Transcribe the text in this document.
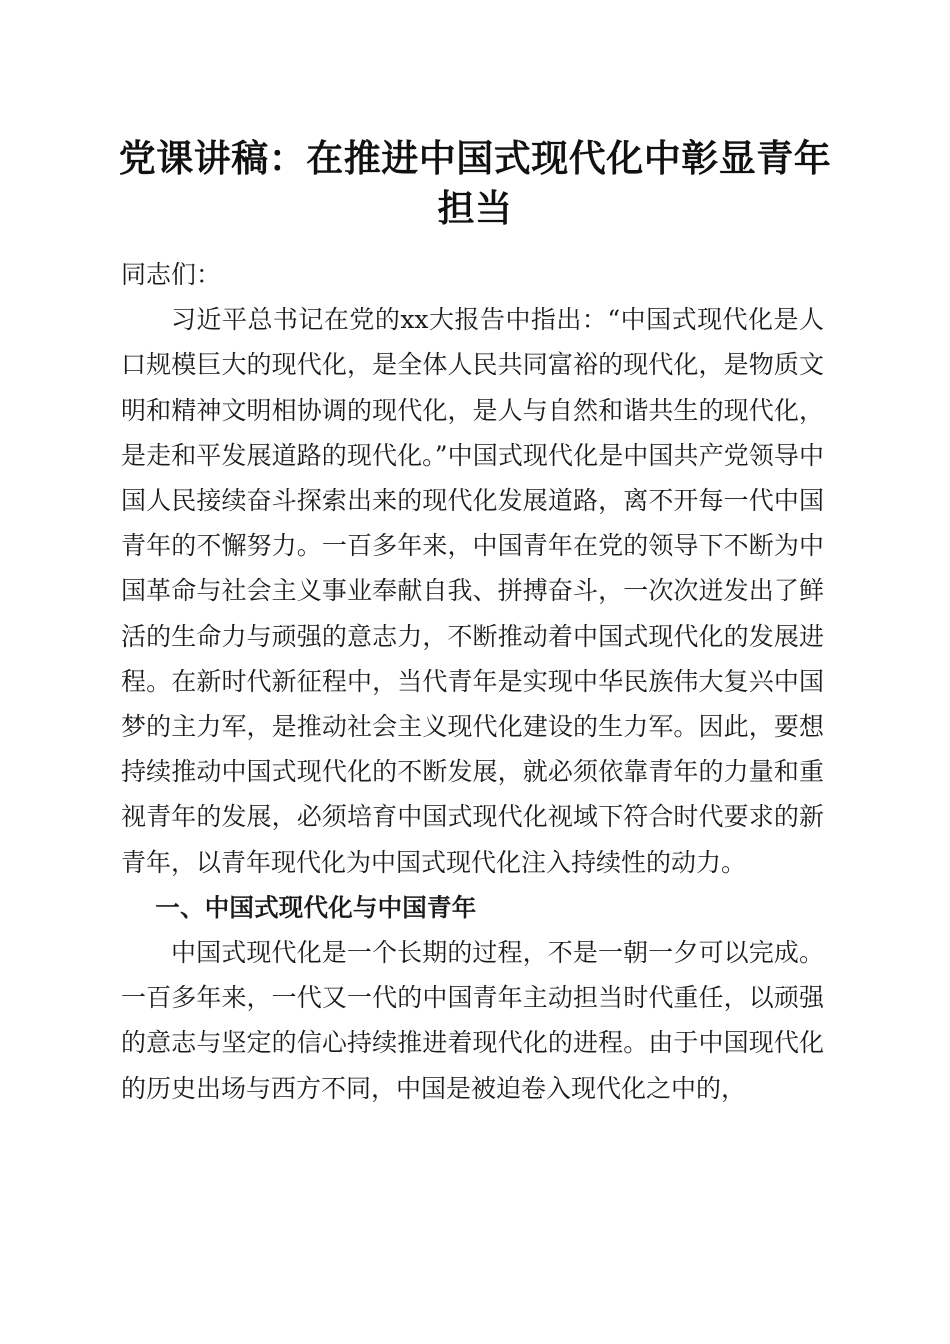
党课讲稿：在推进中国式现代化中彰显青年担当

同志们：

习近平总书记在党的xx大报告中指出：“中国式现代化是人口规模巨大的现代化，是全体人民共同富裕的现代化，是物质文明和精神文明相协调的现代化，是人与自然和谐共生的现代化，是走和平发展道路的现代化。”中国式现代化是中国共产党领导中国人民接续奋斗探索出来的现代化发展道路，离不开每一代中国青年的不懈努力。一百多年来，中国青年在党的领导下不断为中国革命与社会主义事业奉献自我、拼搏奋斗，一次次迸发出了鲜活的生命力与顽强的意志力，不断推动着中国式现代化的发展进程。在新时代新征程中，当代青年是实现中华民族伟大复兴中国梦的主力军，是推动社会主义现代化建设的生力军。因此，要想持续推动中国式现代化的不断发展，就必须依靠青年的力量和重视青年的发展，必须培育中国式现代化视域下符合时代要求的新青年，以青年现代化为中国式现代化注入持续性的动力。

一、中国式现代化与中国青年

中国式现代化是一个长期的过程，不是一朝一夕可以完成。一百多年来，一代又一代的中国青年主动担当时代重任，以顽强的意志与坚定的信心持续推进着现代化的进程。由于中国现代化的历史出场与西方不同，中国是被迫卷入现代化之中的，
